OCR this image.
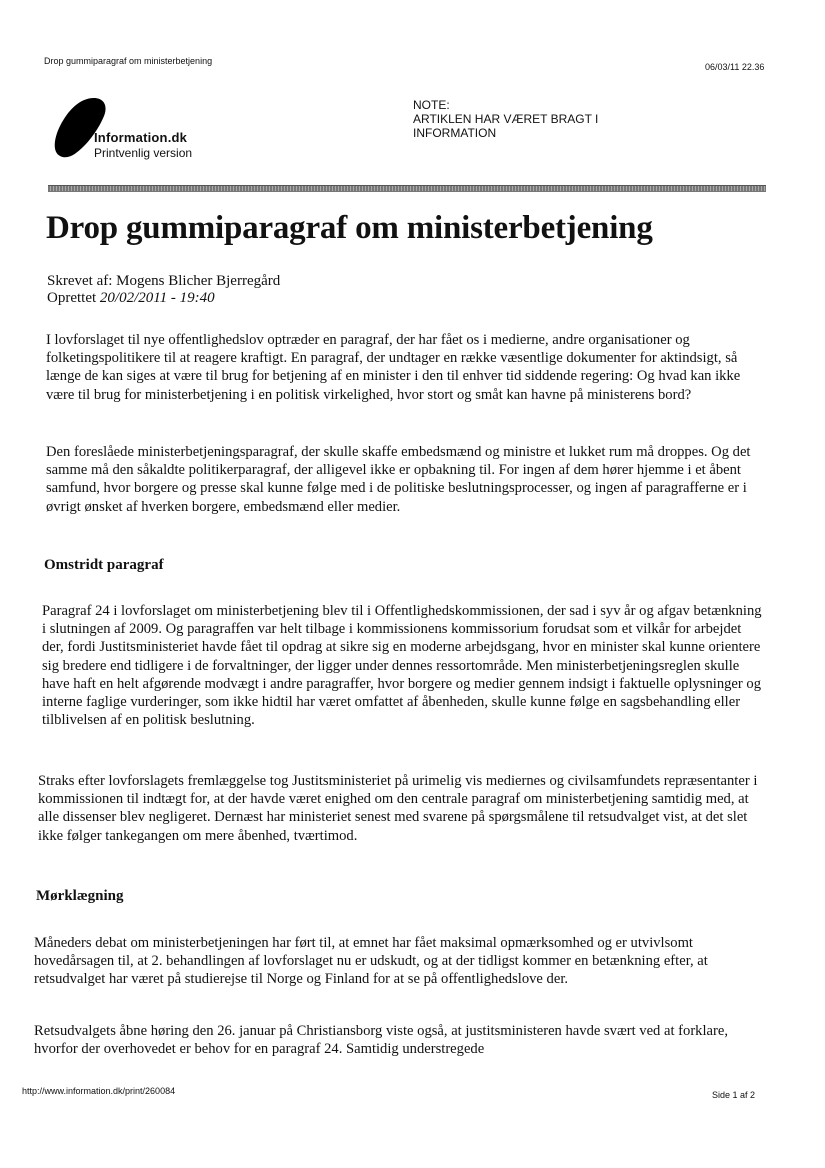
Drop gummiparagraf om ministerbetjening
06/03/11 22.36
Information.dk
Printvenlig version
NOTE:
ARTIKLEN HAR VÆRET BRAGT I
INFORMATION
Drop gummiparagraf om ministerbetjening
Skrevet af: Mogens Blicher Bjerregård
Oprettet 20/02/2011 - 19:40
I lovforslaget til nye offentlighedslov optræder en paragraf, der har fået os i medierne, andre organisationer og folketingspolitikere til at reagere kraftigt. En paragraf, der undtager en række væsentlige dokumenter for aktindsigt, så længe de kan siges at være til brug for betjening af en minister i den til enhver tid siddende regering: Og hvad kan ikke være til brug for ministerbetjening i en politisk virkelighed, hvor stort og småt kan havne på ministerens bord?
Den foreslåede ministerbetjeningsparagraf, der skulle skaffe embedsmænd og ministre et lukket rum må droppes. Og det samme må den såkaldte politikerparagraf, der alligevel ikke er opbakning til. For ingen af dem hører hjemme i et åbent samfund, hvor borgere og presse skal kunne følge med i de politiske beslutningsprocesser, og ingen af paragrafferne er i øvrigt ønsket af hverken borgere, embedsmænd eller medier.
Omstridt paragraf
Paragraf 24 i lovforslaget om ministerbetjening blev til i Offentlighedskommissionen, der sad i syv år og afgav betænkning i slutningen af 2009. Og paragraffen var helt tilbage i kommissionens kommissorium forudsat som et vilkår for arbejdet der, fordi Justitsministeriet havde fået til opdrag at sikre sig en moderne arbejdsgang, hvor en minister skal kunne orientere sig bredere end tidligere i de forvaltninger, der ligger under dennes ressortområde. Men ministerbetjeningsreglen skulle have haft en helt afgørende modvægt i andre paragraffer, hvor borgere og medier gennem indsigt i faktuelle oplysninger og interne faglige vurderinger, som ikke hidtil har været omfattet af åbenheden, skulle kunne følge en sagsbehandling eller tilblivelsen af en politisk beslutning.
Straks efter lovforslagets fremlæggelse tog Justitsministeriet på urimelig vis mediernes og civilsamfundets repræsentanter i kommissionen til indtægt for, at der havde været enighed om den centrale paragraf om ministerbetjening samtidig med, at alle dissenser blev negligeret. Dernæst har ministeriet senest med svarene på spørgsmålene til retsudvalget vist, at det slet ikke følger tankegangen om mere åbenhed, tværtimod.
Mørklægning
Måneders debat om ministerbetjeningen har ført til, at emnet har fået maksimal opmærksomhed og er utvivlsomt hovedårsagen til, at 2. behandlingen af lovforslaget nu er udskudt, og at der tidligst kommer en betænkning efter, at retsudvalget har været på studierejse til Norge og Finland for at se på offentlighedslove der.
Retsudvalgets åbne høring den 26. januar på Christiansborg viste også, at justitsministeren havde svært ved at forklare, hvorfor der overhovedet er behov for en paragraf 24. Samtidig understregede
http://www.information.dk/print/260084	Side 1 af 2
